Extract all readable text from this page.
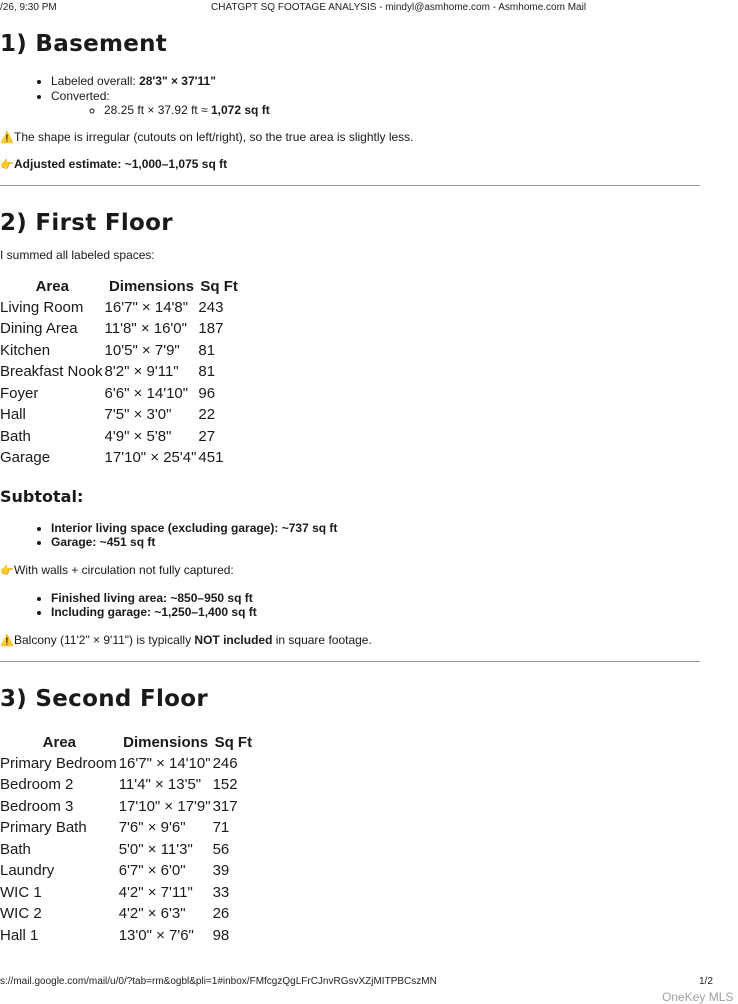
/26, 9:30 PM	CHATGPT SQ FOOTAGE ANALYSIS - mindyl@asmhome.com - Asmhome.com Mail
1) Basement
• Labeled overall: 28'3" × 37'11"
• Converted:
◦ 28.25 ft × 37.92 ft ≈ 1,072 sq ft

⚠️The shape is irregular (cutouts on left/right), so the true area is slightly less.

👉Adjusted estimate: ~1,000–1,075 sq ft

2) First Floor

I summed all labeled spaces:

Area	Dimensions	Sq Ft
Living Room	16'7" × 14'8"	243
Dining Area	11'8" × 16'0"	187
Kitchen	10'5" × 7'9"	81
Breakfast Nook	8'2" × 9'11"	81
Foyer	6'6" × 14'10"	96
Hall	7'5" × 3'0"	22
Bath	4'9" × 5'8"	27
Garage	17'10" × 25'4"	451
Subtotal:
• Interior living space (excluding garage): ~737 sq ft
• Garage: ~451 sq ft

👉With walls + circulation not fully captured:

• Finished living area: ~850–950 sq ft
• Including garage: ~1,250–1,400 sq ft

⚠️Balcony (11'2" × 9'11") is typically NOT included in square footage.

3) Second Floor
Area	Dimensions	Sq Ft
Primary Bedroom	16'7" × 14'10"	246
Bedroom 2	11'4" × 13'5"	152
Bedroom 3	17'10" × 17'9"	317
Primary Bath	7'6" × 9'6"	71
Bath	5'0" × 11'3"	56
Laundry	6'7" × 6'0"	39
WIC 1	4'2" × 7'11"	33
WIC 2	4'2" × 6'3"	26
Hall 1	13'0" × 7'6"	98
s://mail.google.com/mail/u/0/?tab=rm&ogbl&pli=1#inbox/FMfcgzQgLFrCJnvRGsvXZjMITPBCszMN	1/2
OneKey MLS
